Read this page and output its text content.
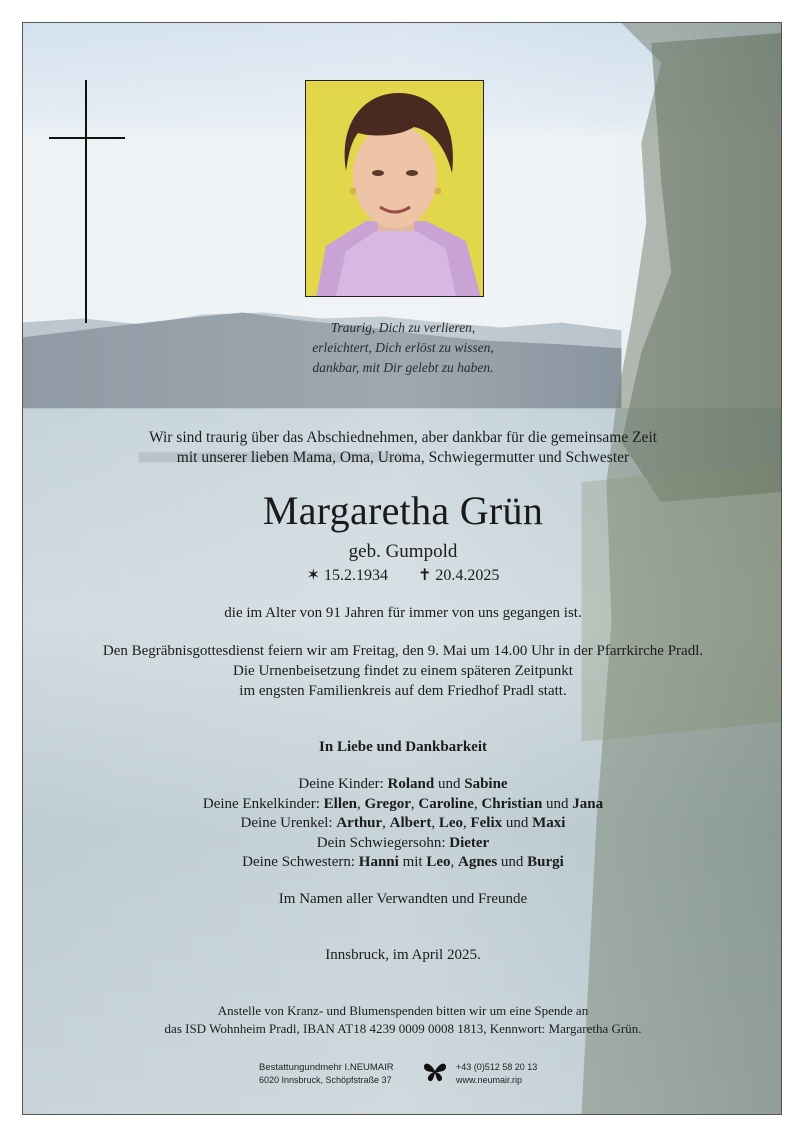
Traurig, Dich zu verlieren,
erleichtert, Dich erlöst zu wissen,
dankbar, mit Dir gelebt zu haben.
Wir sind traurig über das Abschiednehmen, aber dankbar für die gemeinsame Zeit
mit unserer lieben Mama, Oma, Uroma, Schwiegermutter und Schwester
Margaretha Grün
geb. Gumpold
✶ 15.2.1934 ✝ 20.4.2025
die im Alter von 91 Jahren für immer von uns gegangen ist.
Den Begräbnisgottesdienst feiern wir am Freitag, den 9. Mai um 14.00 Uhr in der Pfarrkirche Pradl.
Die Urnenbeisetzung findet zu einem späteren Zeitpunkt
im engsten Familienkreis auf dem Friedhof Pradl statt.
In Liebe und Dankbarkeit
Deine Kinder: Roland und Sabine
Deine Enkelkinder: Ellen, Gregor, Caroline, Christian und Jana
Deine Urenkel: Arthur, Albert, Leo, Felix und Maxi
Dein Schwiegersohn: Dieter
Deine Schwestern: Hanni mit Leo, Agnes und Burgi
Im Namen aller Verwandten und Freunde
Innsbruck, im April 2025.
Anstelle von Kranz- und Blumenspenden bitten wir um eine Spende an
das ISD Wohnheim Pradl, IBAN AT18 4239 0009 0008 1813, Kennwort: Margaretha Grün.
Bestattungundmehr I.NEUMAIR
6020 Innsbruck, Schöpfstraße 37
+43 (0)512 58 20 13
www.neumair.rip
